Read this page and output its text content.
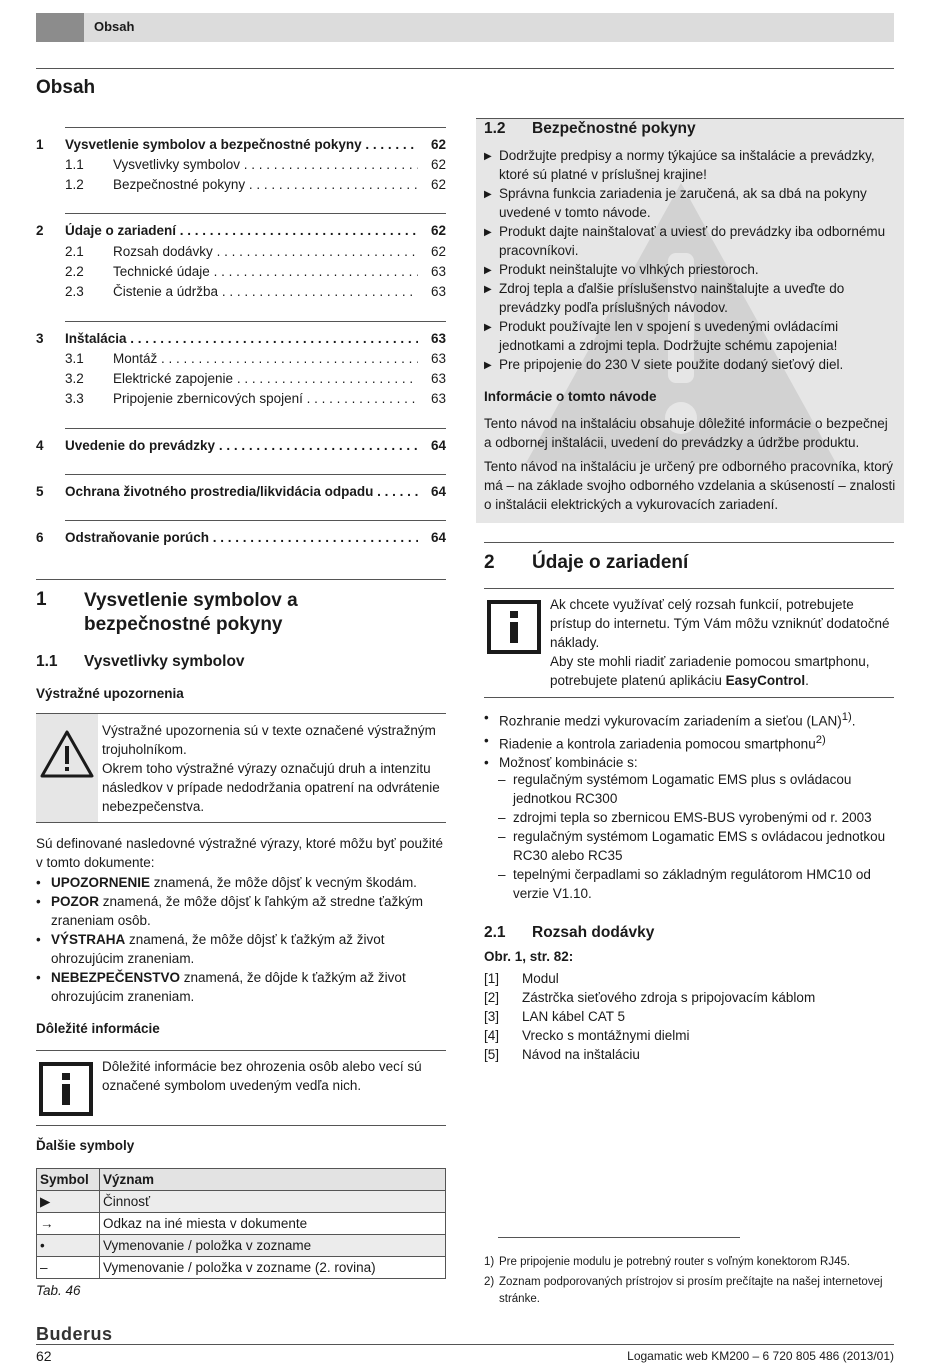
Obsah
Obsah
1 Vysvetlenie symbolov a bezpečnostné pokyny . . .	62
1.1 Vysvetlivky symbolov . . .	62
1.2 Bezpečnostné pokyny . . .	62
2 Údaje o zariadení . . .	62
2.1 Rozsah dodávky . . .	62
2.2 Technické údaje . . .	63
2.3 Čistenie a údržba . . .	63
3 Inštalácia . . .	63
3.1 Montáž . . .	63
3.2 Elektrické zapojenie . . .	63
3.3 Pripojenie zbernicových spojení . . .	63
4 Uvedenie do prevádzky . . .	64
5 Ochrana životného prostredia/likvidácia odpadu . . .	64
6 Odstraňovanie porúch . . .	64
1 Vysvetlenie symbolov a bezpečnostné pokyny
1.1 Vysvetlivky symbolov
Výstražné upozornenia

Výstražné upozornenia sú v texte označené výstražným trojuholníkom.

Okrem toho výstražné výrazy označujú druh a intenzitu následkov v prípade nedodržania opatrení na odvrátenie nebezpečenstva.

Sú definované nasledovné výstražné výrazy, ktoré môžu byť použité v tomto dokumente:
• UPOZORNENIE znamená, že môže dôjsť k vecným škodám.
• POZOR znamená, že môže dôjsť k ľahkým až stredne ťažkým zraneniam osôb.
• VÝSTRAHA znamená, že môže dôjsť k ťažkým až život ohrozujúcim zraneniam.
• NEBEZPEČENSTVO znamená, že dôjde k ťažkým až život ohrozujúcim zraneniam.
Dôležité informácie
Dôležité informácie bez ohrozenia osôb alebo vecí sú označené symbolom uvedeným vedľa nich.
Ďalšie symboly
Symbol	Význam
▶	Činnosť
→	Odkaz na iné miesta v dokumente
•	Vymenovanie / položka v zozname
–	Vymenovanie / položka v zozname (2. rovina)
Tab. 46
1.2 Bezpečnostné pokyny
▶ Dodržujte predpisy a normy týkajúce sa inštalácie a prevádzky, ktoré sú platné v príslušnej krajine!
▶ Správna funkcia zariadenia je zaručená, ak sa dbá na pokyny uvedené v tomto návode.
▶ Produkt dajte nainštalovať a uviesť do prevádzky iba odbornému pracovníkovi.
▶ Produkt neinštalujte vo vlhkých priestoroch.
▶ Zdroj tepla a ďalšie príslušenstvo nainštalujte a uveďte do prevádzky podľa príslušných návodov.
▶ Produkt používajte len v spojení s uvedenými ovládacími jednotkami a zdrojmi tepla. Dodržujte schému zapojenia!
▶ Pre pripojenie do 230 V siete použite dodaný sieťový diel.
Informácie o tomto návode
Tento návod na inštaláciu obsahuje dôležité informácie o bezpečnej a odbornej inštalácii, uvedení do prevádzky a údržbe produktu.
Tento návod na inštaláciu je určený pre odborného pracovníka, ktorý má – na základe svojho odborného vzdelania a skúseností – znalosti o inštalácii elektrických a vykurovacích zariadení.
2 Údaje o zariadení

Ak chcete využívať celý rozsah funkcií, potrebujete prístup do internetu. Tým Vám môžu vzniknúť dodatočné náklady.

Aby ste mohli riadiť zariadenie pomocou smartphonu, potrebujete platenú aplikáciu EasyControl.

• Rozhranie medzi vykurovacím zariadením a sieťou (LAN)$^{1)}$.
• Riadenie a kontrola zariadenia pomocou smartphonu$^{2)}$
• Možnosť kombinácie s:
– regulačným systémom Logamatic EMS plus s ovládacou jednotkou RC300
– zdrojmi tepla so zbernicou EMS-BUS vyrobenými od r. 2003
– regulačným systémom Logamatic EMS s ovládacou jednotkou RC30 alebo RC35
– tepelnými čerpadlami so základným regulátorom HMC10 od verzie V1.10.
2.1 Rozsah dodávky
Obr. 1, str. 82:
[1] Modul
[2] Zástrčka sieťového zdroja s pripojovacím káblom
[3] LAN kábel CAT 5
[4] Vrecko s montážnymi dielmi
[5] Návod na inštaláciu
1) Pre pripojenie modulu je potrebný router s voľným konektorom RJ45.
2) Zoznam podporovaných prístrojov si prosím prečítajte na našej internetovej stránke.
Buderus
62	Logamatic web KM200 – 6 720 805 486 (2013/01)
